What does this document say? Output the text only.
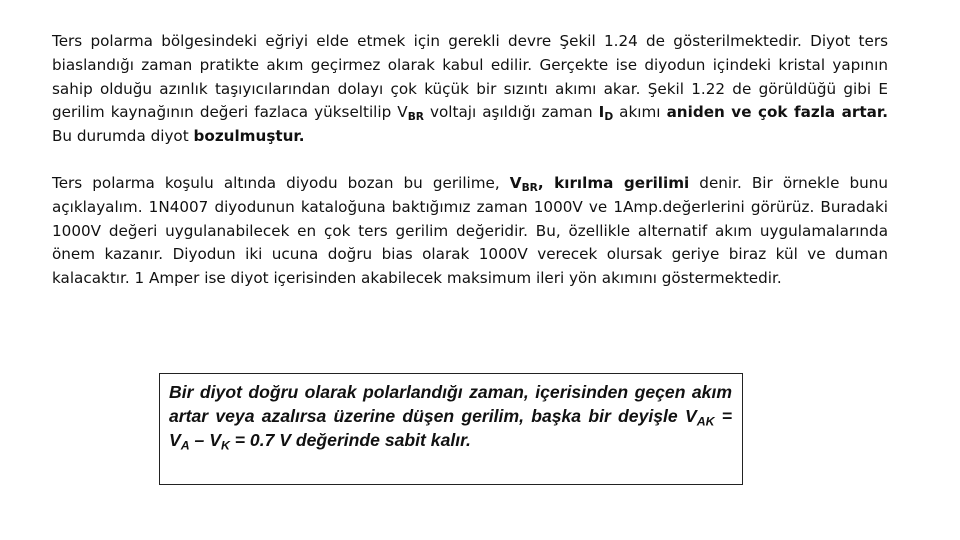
Ters polarma bölgesindeki eğriyi elde etmek için gerekli devre Şekil 1.24 de gösterilmektedir. Diyot ters biaslandığı zaman pratikte akım geçirmez olarak kabul edilir. Gerçekte ise diyodun içindeki kristal yapının sahip olduğu azınlık taşıyıcılarından dolayı çok küçük bir sızıntı akımı akar. Şekil 1.22 de görüldüğü gibi E gerilim kaynağının değeri fazlaca yükseltilip $V_{BR}$ voltajı aşıldığı zaman $I_D$ akımı aniden ve çok fazla artar. Bu durumda diyot bozulmuştur.

Ters polarma koşulu altında diyodu bozan bu gerilime, $V_{BR}$, kırılma gerilimi denir. Bir örnekle bunu açıklayalım. 1N4007 diyodunun kataloğuna baktığımız zaman 1000V ve 1Amp.değerlerini görürüz. Buradaki 1000V değeri uygulanabilecek en çok ters gerilim değeridir. Bu, özellikle alternatif akım uygulamalarında önem kazanır. Diyodun iki ucuna doğru bias olarak 1000V verecek olursak geriye biraz kül ve duman kalacaktır. 1 Amper ise diyot içerisinden akabilecek maksimum ileri yön akımını göstermektedir.

Bir diyot doğru olarak polarlandığı zaman, içerisinden geçen akım artar veya azalırsa üzerine düşen gerilim, başka bir deyişle $V_{AK} = V_A - V_K = 0.7$ V değerinde sabit kalır.
